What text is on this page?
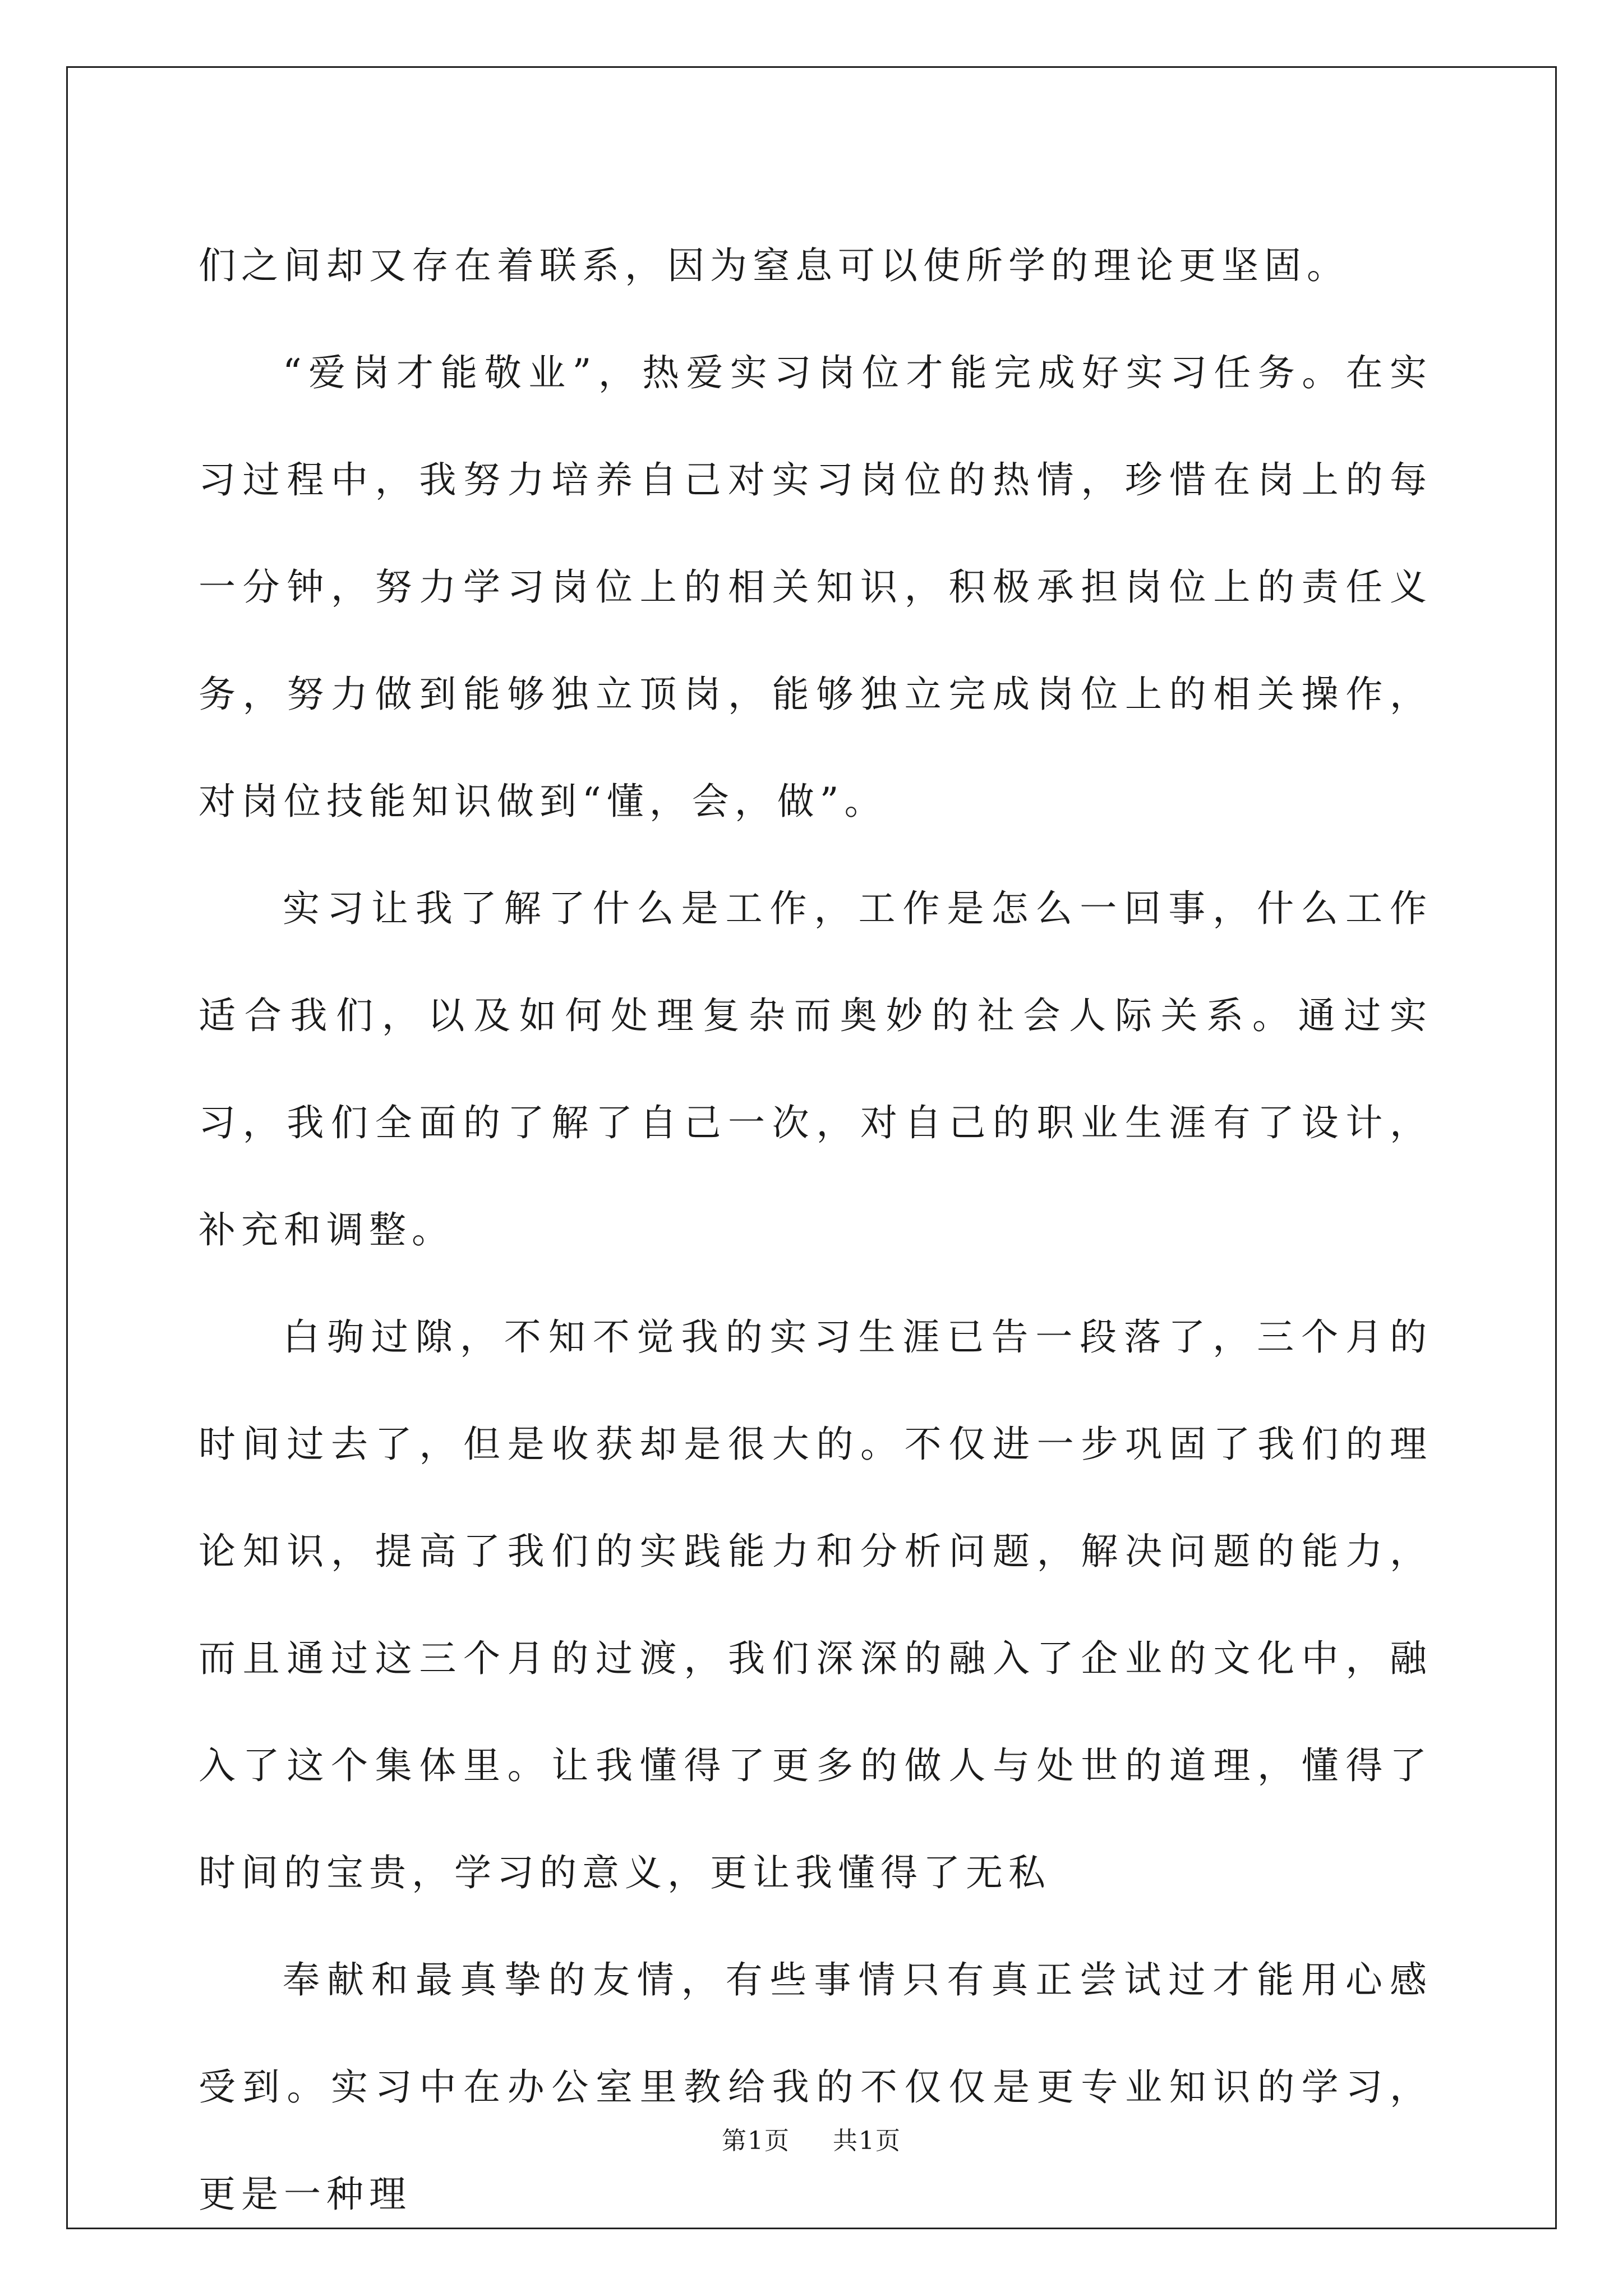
们之间却又存在着联系，因为窒息可以使所学的理论更坚固。

“爱岗才能敬业”，热爱实习岗位才能完成好实习任务。在实习过程中，我努力培养自己对实习岗位的热情，珍惜在岗上的每一分钟，努力学习岗位上的相关知识，积极承担岗位上的责任义务，努力做到能够独立顶岗，能够独立完成岗位上的相关操作，对岗位技能知识做到“懂，会，做”。

实习让我了解了什么是工作，工作是怎么一回事，什么工作适合我们，以及如何处理复杂而奥妙的社会人际关系。通过实习，我们全面的了解了自己一次，对自己的职业生涯有了设计，补充和调整。

白驹过隙，不知不觉我的实习生涯已告一段落了，三个月的时间过去了，但是收获却是很大的。不仅进一步巩固了我们的理论知识，提高了我们的实践能力和分析问题，解决问题的能力，而且通过这三个月的过渡，我们深深的融入了企业的文化中，融入了这个集体里。让我懂得了更多的做人与处世的道理，懂得了时间的宝贵，学习的意义，更让我懂得了无私

奉献和最真挚的友情，有些事情只有真正尝试过才能用心感受到。实习中在办公室里教给我的不仅仅是更专业知识的学习，更是一种理

第1页 共1页
